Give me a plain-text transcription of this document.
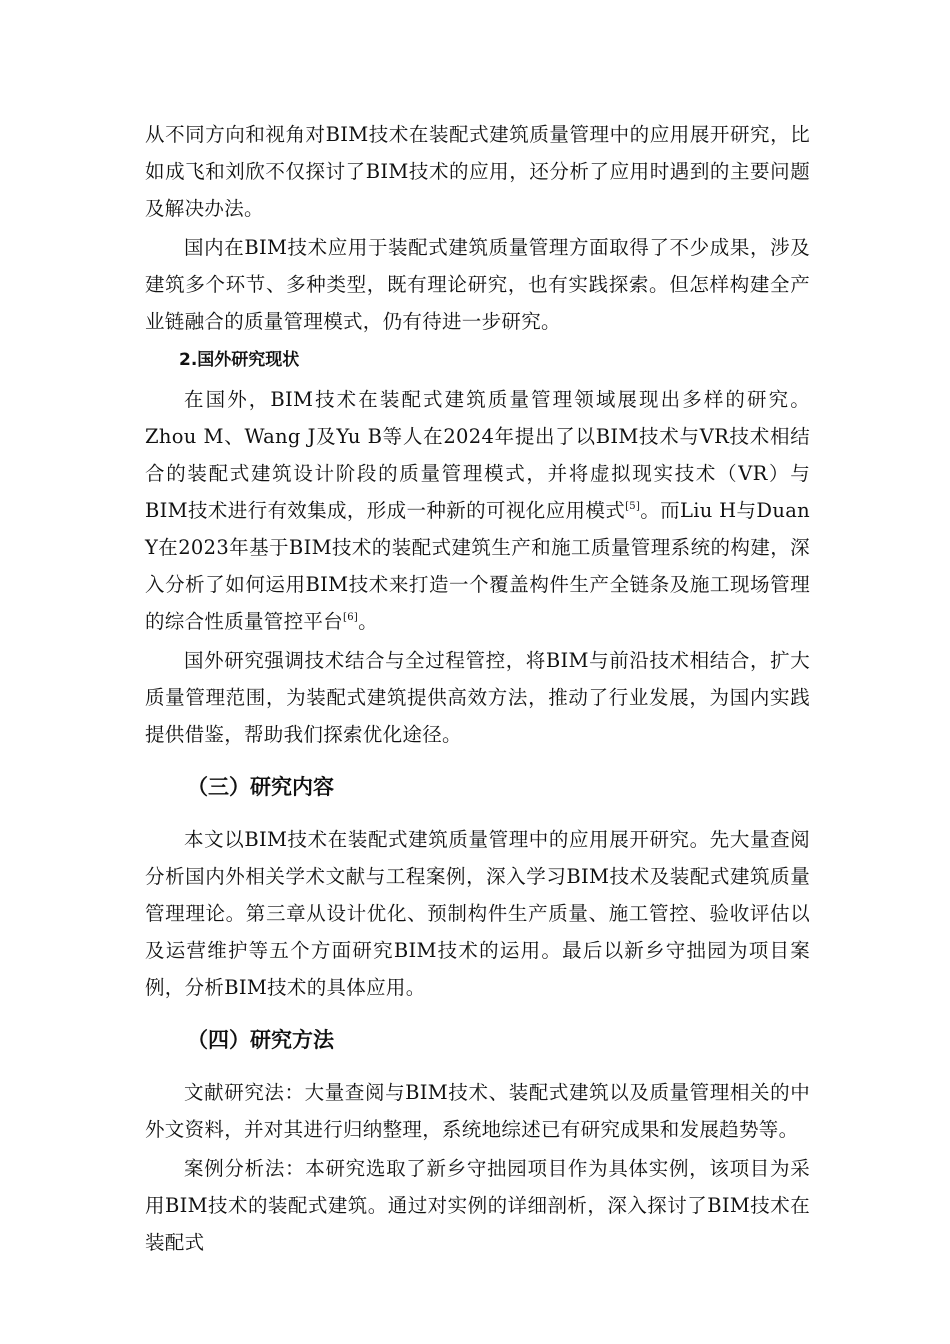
从不同方向和视角对BIM技术在装配式建筑质量管理中的应用展开研究，比如成飞和刘欣不仅探讨了BIM技术的应用，还分析了应用时遇到的主要问题及解决办法。

国内在BIM技术应用于装配式建筑质量管理方面取得了不少成果，涉及建筑多个环节、多种类型，既有理论研究，也有实践探索。但怎样构建全产业链融合的质量管理模式，仍有待进一步研究。

2.国外研究现状

在国外，BIM技术在装配式建筑质量管理领域展现出多样的研究。Zhou M、Wang J及Yu B等人在2024年提出了以BIM技术与VR技术相结合的装配式建筑设计阶段的质量管理模式，并将虚拟现实技术（VR）与BIM技术进行有效集成，形成一种新的可视化应用模式[5]。而Liu H与Duan Y在2023年基于BIM技术的装配式建筑生产和施工质量管理系统的构建，深入分析了如何运用BIM技术来打造一个覆盖构件生产全链条及施工现场管理的综合性质量管控平台[6]。

国外研究强调技术结合与全过程管控，将BIM与前沿技术相结合，扩大质量管理范围，为装配式建筑提供高效方法，推动了行业发展，为国内实践提供借鉴，帮助我们探索优化途径。

（三）研究内容

本文以BIM技术在装配式建筑质量管理中的应用展开研究。先大量查阅分析国内外相关学术文献与工程案例，深入学习BIM技术及装配式建筑质量管理理论。第三章从设计优化、预制构件生产质量、施工管控、验收评估以及运营维护等五个方面研究BIM技术的运用。最后以新乡守拙园为项目案例，分析BIM技术的具体应用。

（四）研究方法

文献研究法：大量查阅与BIM技术、装配式建筑以及质量管理相关的中外文资料，并对其进行归纳整理，系统地综述已有研究成果和发展趋势等。

案例分析法：本研究选取了新乡守拙园项目作为具体实例，该项目为采用BIM技术的装配式建筑。通过对实例的详细剖析，深入探讨了BIM技术在装配式
